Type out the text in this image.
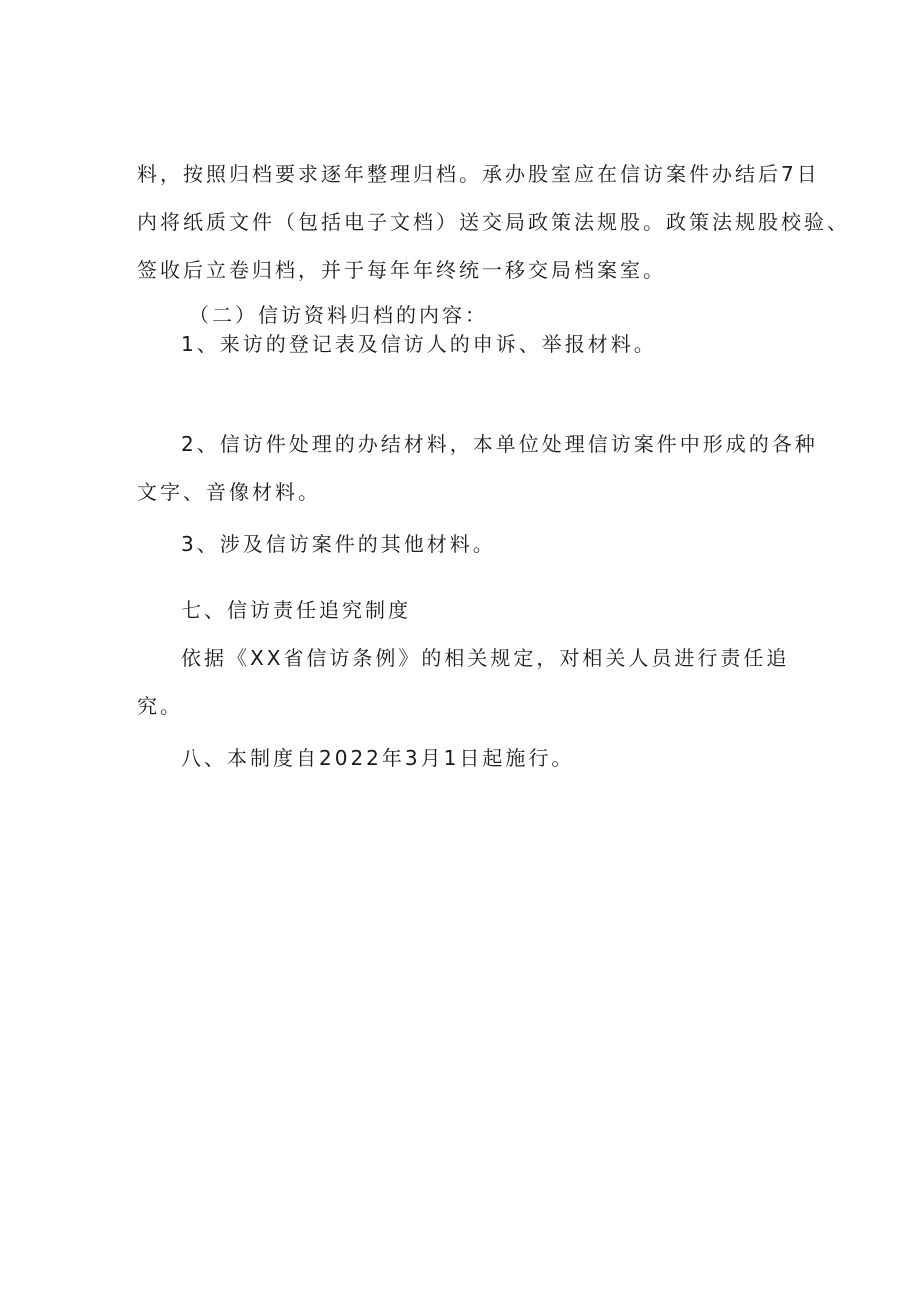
料，按照归档要求逐年整理归档。承办股室应在信访案件办结后7日
内将纸质文件（包括电子文档）送交局政策法规股。政策法规股校验、
签收后立卷归档，并于每年年终统一移交局档案室。
（二）信访资料归档的内容：
1、来访的登记表及信访人的申诉、举报材料。
2、信访件处理的办结材料，本单位处理信访案件中形成的各种
文字、音像材料。
3、涉及信访案件的其他材料。
七、信访责任追究制度
依据《XX省信访条例》的相关规定，对相关人员进行责任追
究。
八、本制度自2022年3月1日起施行。
